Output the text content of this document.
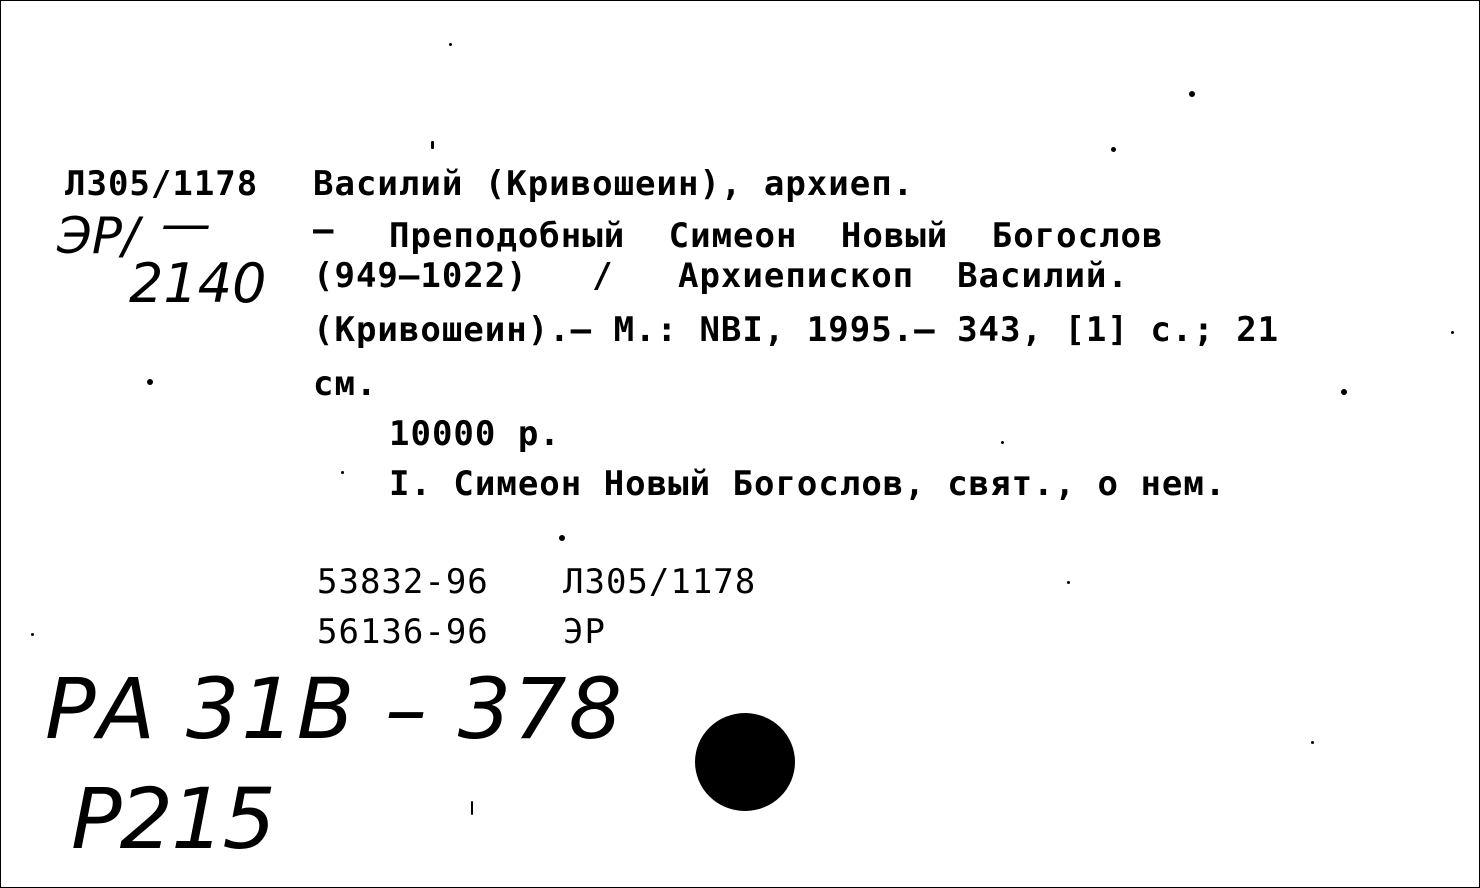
Л305/1178 Василий (Кривошеин), архиеп.
— Преподобный Симеон Новый Богослов
(949–1022)   /   Архиепископ  Василий.
(Кривошеин).– М.: NBI, 1995.– 343, [1] с.; 21
см.
10000 р.
I. Симеон Новый Богослов, свят., о нем.
53832-96 Л305/1178
56136-96 ЭР
ЭР/ —
2140
РА 31В – 378
Р215
